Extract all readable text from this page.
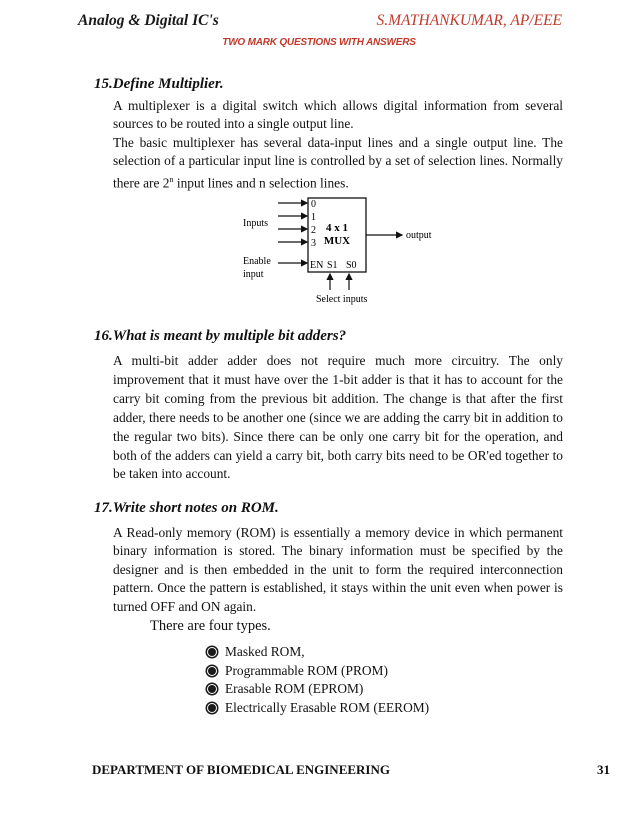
Analog & Digital IC's	S.MATHANKUMAR, AP/EEE
TWO MARK QUESTIONS WITH ANSWERS
15.Define Multiplier.

A multiplexer is a digital switch which allows digital information from several sources to be routed into a single output line.

The basic multiplexer has several data-input lines and a single output line. The selection of a particular input line is controlled by a set of selection lines. Normally there are 2$^n$ input lines and n selection lines.

4 x 1
MUX
0
1
2
3
EN S1 S0
Inputs
Enable
input
output
Select inputs
16.What is meant by multiple bit adders?

A multi-bit adder adder does not require much more circuitry. The only improvement that it must have over the 1-bit adder is that it has to account for the carry bit coming from the previous bit addition. The change is that after the first adder, there needs to be another one (since we are adding the carry bit in addition to the regular two bits). Since there can be only one carry bit for the operation, and both of the adders can yield a carry bit, both carry bits need to be OR'ed together to be taken into account.

17.Write short notes on ROM.

A Read-only memory (ROM) is essentially a memory device in which permanent binary information is stored. The binary information must be specified by the designer and is then embedded in the unit to form the required interconnection pattern. Once the pattern is established, it stays within the unit even when power is turned OFF and ON again.

There are four types.
Masked ROM,
Programmable ROM (PROM)
Erasable ROM (EPROM)
Electrically Erasable ROM (EEROM)
DEPARTMENT OF BIOMEDICAL ENGINEERING	31
